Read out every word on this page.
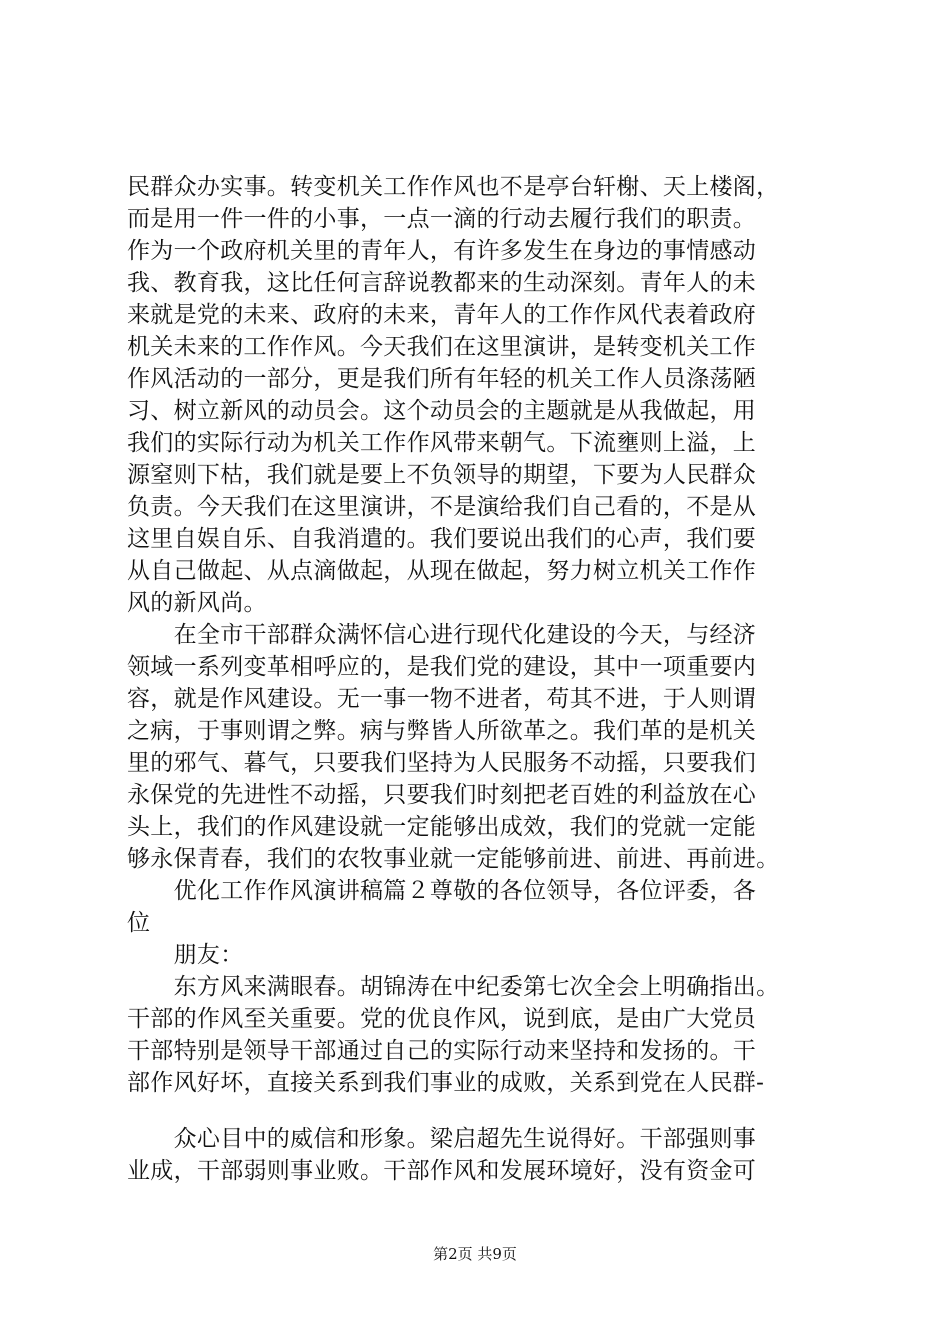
民群众办实事。转变机关工作作风也不是亭台轩榭、天上楼阁，
而是用一件一件的小事，一点一滴的行动去履行我们的职责。
作为一个政府机关里的青年人，有许多发生在身边的事情感动
我、教育我，这比任何言辞说教都来的生动深刻。青年人的未
来就是党的未来、政府的未来，青年人的工作作风代表着政府
机关未来的工作作风。今天我们在这里演讲，是转变机关工作
作风活动的一部分，更是我们所有年轻的机关工作人员涤荡陋
习、树立新风的动员会。这个动员会的主题就是从我做起，用
我们的实际行动为机关工作作风带来朝气。下流壅则上溢，上
源窒则下枯，我们就是要上不负领导的期望，下要为人民群众
负责。今天我们在这里演讲，不是演给我们自己看的，不是从
这里自娱自乐、自我消遣的。我们要说出我们的心声，我们要
从自己做起、从点滴做起，从现在做起，努力树立机关工作作
风的新风尚。
　　在全市干部群众满怀信心进行现代化建设的今天，与经济
领域一系列变革相呼应的，是我们党的建设，其中一项重要内
容，就是作风建设。无一事一物不进者，苟其不进，于人则谓
之病，于事则谓之弊。病与弊皆人所欲革之。我们革的是机关
里的邪气、暮气，只要我们坚持为人民服务不动摇，只要我们
永保党的先进性不动摇，只要我们时刻把老百姓的利益放在心
头上，我们的作风建设就一定能够出成效，我们的党就一定能
够永保青春，我们的农牧事业就一定能够前进、前进、再前进。
　　优化工作作风演讲稿篇２尊敬的各位领导，各位评委，各
位
　　朋友：
　　东方风来满眼春。胡锦涛在中纪委第七次全会上明确指出。
干部的作风至关重要。党的优良作风，说到底，是由广大党员
干部特别是领导干部通过自己的实际行动来坚持和发扬的。干
部作风好坏，直接关系到我们事业的成败，关系到党在人民群-
　　众心目中的威信和形象。梁启超先生说得好。干部强则事
业成，干部弱则事业败。干部作风和发展环境好，没有资金可
第2页 共9页
